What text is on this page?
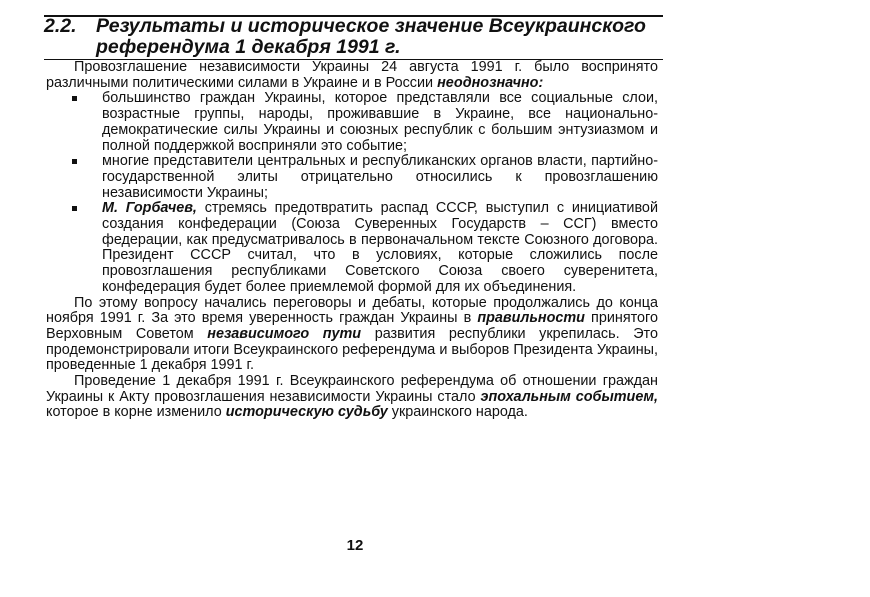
2.2. Результаты и историческое значение Всеукраинского
референдума 1 декабря 1991 г.

Провозглашение независимости Украины 24 августа 1991 г. было воспринято различными политическими силами в Украине и в России неоднозначно:

большинство граждан Украины, которое представляли все социальные слои, возрастные группы, народы, проживавшие в Украине, все национально-демократические силы Украины и союзных республик с большим энтузиазмом и полной поддержкой восприняли это событие;
многие представители центральных и республиканских органов власти, партийно-государственной элиты отрицательно относились к провозглашению независимости Украины;
М. Горбачев, стремясь предотвратить распад СССР, выступил с инициативой создания конфедерации (Союза Суверенных Государств – ССГ) вместо федерации, как предусматривалось в первоначальном тексте Союзного договора. Президент СССР считал, что в условиях, которые сложились после провозглашения республиками Советского Союза своего суверенитета, конфедерация будет более приемлемой формой для их объединения.

По этому вопросу начались переговоры и дебаты, которые продолжались до конца ноября 1991 г. За это время уверенность граждан Украины в правильности принятого Верховным Советом независимого пути развития республики укрепилась. Это продемонстрировали итоги Всеукраинского референдума и выборов Президента Украины, проведенные 1 декабря 1991 г.

Проведение 1 декабря 1991 г. Всеукраинского референдума об отношении граждан Украины к Акту провозглашения независимости Украины стало эпохальным событием, которое в корне изменило историческую судьбу украинского народа.

12
